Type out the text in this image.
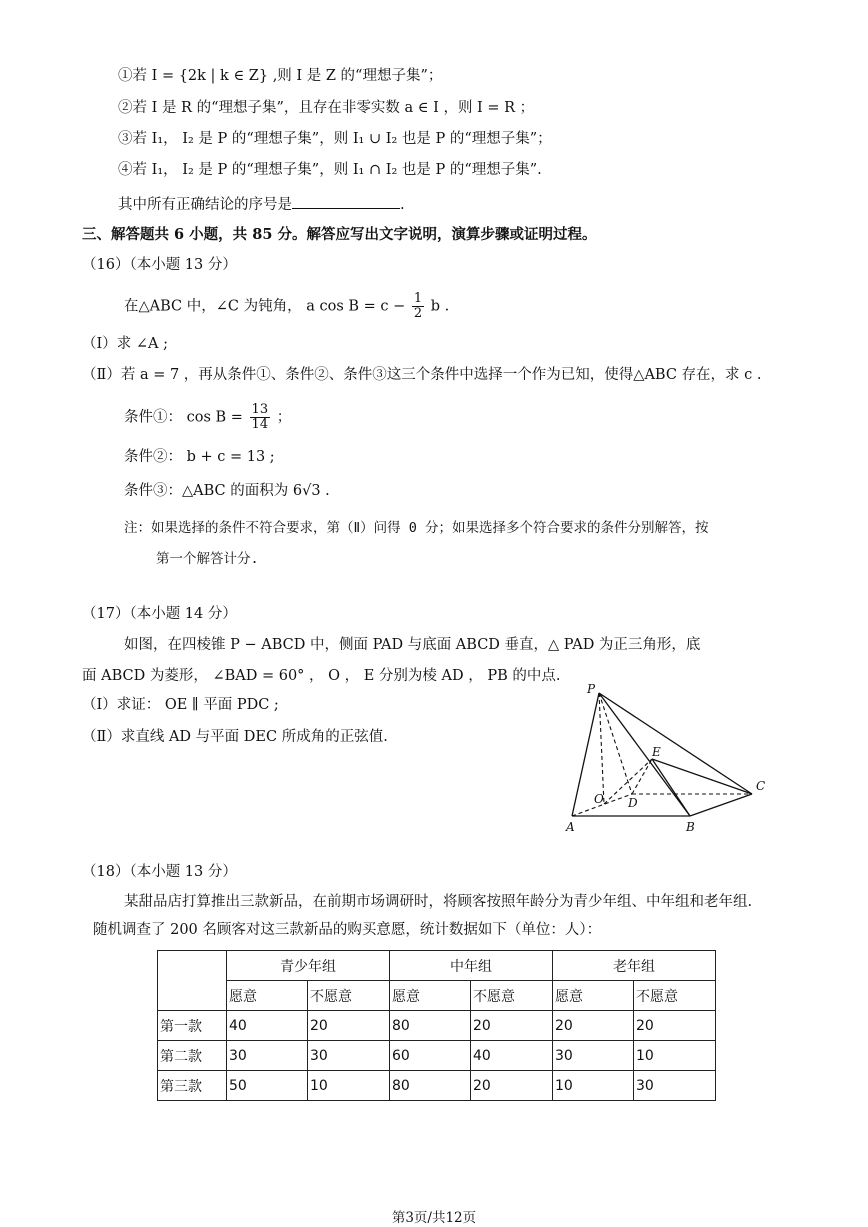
①若 I = {2k | k ∈ Z} ,则 I 是 Z 的“理想子集”；
②若 I 是 R 的“理想子集”，且存在非零实数 a ∈ I ，则 I = R ；
③若 I₁， I₂ 是 P 的“理想子集”，则 I₁ ∪ I₂ 也是 P 的“理想子集”；
④若 I₁， I₂ 是 P 的“理想子集”，则 I₁ ∩ I₂ 也是 P 的“理想子集”.
其中所有正确结论的序号是	.
三、解答题共 6 小题，共 85 分。解答应写出文字说明，演算步骤或证明过程。
（16）（本小题 13 分）
在△ABC 中，∠C 为钝角， a $\cos B = c - \frac{1}{2}$ b .
（Ⅰ）求 ∠A ;
（Ⅱ）若 a = 7 ，再从条件①、条件②、条件③这三个条件中选择一个作为已知，使得△ABC 存在，求 c .
条件①： $\cos B = \frac{13}{14}$ ；
条件②： b + c = 13 ;
条件③：△ABC 的面积为 6√3 .
注：如果选择的条件不符合要求，第（Ⅱ）问得 0 分；如果选择多个符合要求的条件分别解答，按
第一个解答计分.
（17）（本小题 14 分）
如图，在四棱锥 P − ABCD 中，侧面 PAD 与底面 ABCD 垂直，△ PAD 为正三角形，底
面 ABCD 为菱形， ∠BAD = 60° ， O ， E 分别为棱 AD ， PB 的中点.
（Ⅰ）求证： OE ∥ 平面 PDC ;
（Ⅱ）求直线 AD 与平面 DEC 所成角的正弦值.
P
E
C
O D
A	B
（18）（本小题 13 分）
某甜品店打算推出三款新品，在前期市场调研时，将顾客按照年龄分为青少年组、中年组和老年组.
随机调查了 200 名顾客对这三款新品的购买意愿，统计数据如下（单位：人）：
	青少年组		中年组		老年组	
	愿意	不愿意	愿意	不愿意	愿意	不愿意
第一款	40	20	80	20	20	20
第二款	30	30	60	40	30	10
第三款	50	10	80	20	10	30
第3页/共12页
